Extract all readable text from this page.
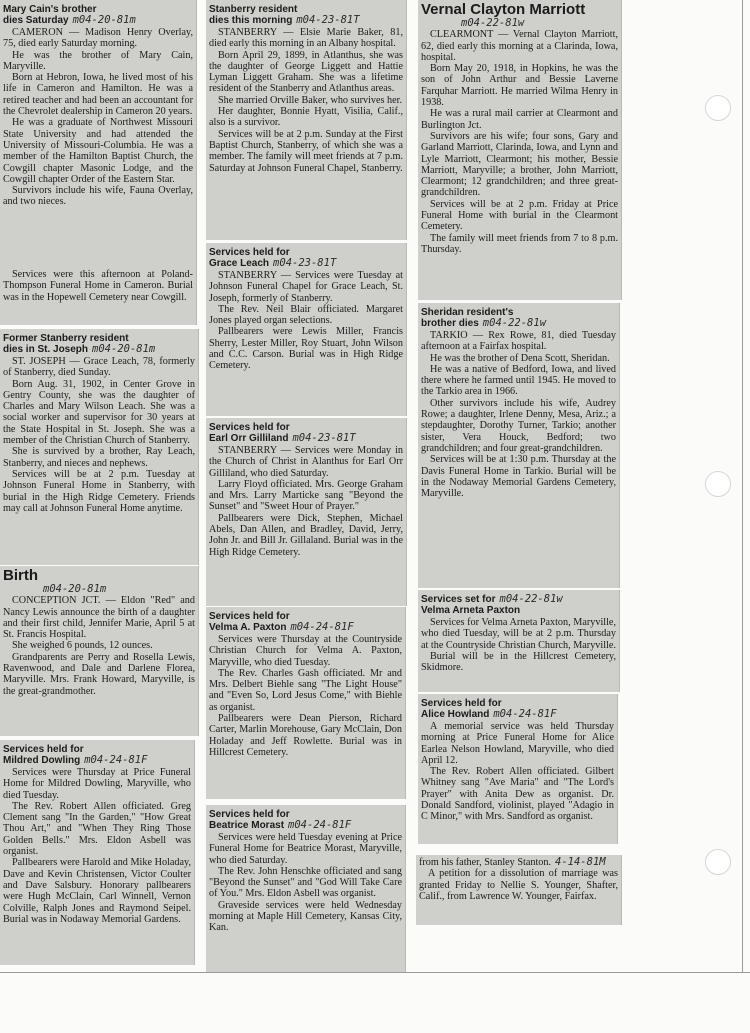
Mary Cain's brother
dies Saturday m04-20-81m

CAMERON — Madison Henry Overlay, 75, died early Saturday morning.

He was the brother of Mary Cain, Maryville.

Born at Hebron, Iowa, he lived most of his life in Cameron and Hamilton. He was a retired teacher and had been an accountant for the Chevrolet dealership in Cameron 20 years.

He was a graduate of Northwest Missouri State University and had attended the University of Missouri-Columbia. He was a member of the Hamilton Baptist Church, the Cowgill chapter Masonic Lodge, and the Cowgill chapter Order of the Eastern Star.

Survivors include his wife, Fauna Overlay, and two nieces.

Services were this afternoon at Poland-Thompson Funeral Home in Cameron. Burial was in the Hopewell Cemetery near Cowgill.

Former Stanberry resident
dies in St. Joseph m04-20-81m

ST. JOSEPH — Grace Leach, 78, formerly of Stanberry, died Sunday.

Born Aug. 31, 1902, in Center Grove in Gentry County, she was the daughter of Charles and Mary Wilson Leach. She was a social worker and supervisor for 30 years at the State Hospital in St. Joseph. She was a member of the Christian Church of Stanberry.

She is survived by a brother, Ray Leach, Stanberry, and nieces and nephews.

Services will be at 2 p.m. Tuesday at Johnson Funeral Home in Stanberry, with burial in the High Ridge Cemetery. Friends may call at Johnson Funeral Home anytime.

Birth
m04-20-81m

CONCEPTION JCT. — Eldon "Red" and Nancy Lewis announce the birth of a daughter and their first child, Jennifer Marie, April 5 at St. Francis Hospital.

She weighed 6 pounds, 12 ounces.

Grandparents are Perry and Rosella Lewis, Ravenwood, and Dale and Darlene Florea, Maryville. Mrs. Frank Howard, Maryville, is the great-grandmother.

Services held for
Mildred Dowling m04-24-81F

Services were Thursday at Price Funeral Home for Mildred Dowling, Maryville, who died Tuesday.

The Rev. Robert Allen officiated. Greg Clement sang "In the Garden," "How Great Thou Art," and "When They Ring Those Golden Bells." Mrs. Eldon Asbell was organist.

Pallbearers were Harold and Mike Holaday, Dave and Kevin Christensen, Victor Coulter and Dave Salsbury. Honorary pallbearers were Hugh McClain, Carl Winnell, Vernon Colville, Ralph Jones and Raymond Seipel. Burial was in Nodaway Memorial Gardens.

Stanberry resident
dies this morning m04-23-81T

STANBERRY — Elsie Marie Baker, 81, died early this morning in an Albany hospital.

Born April 29, 1899, in Atlanthus, she was the daughter of George Liggett and Hattie Lyman Liggett Graham. She was a lifetime resident of the Stanberry and Atlanthus areas.

She married Orville Baker, who survives her.

Her daughter, Bonnie Hyatt, Visilia, Calif., also is a survivor.

Services will be at 2 p.m. Sunday at the First Baptist Church, Stanberry, of which she was a member. The family will meet friends at 7 p.m. Saturday at Johnson Funeral Chapel, Stanberry.

Services held for
Grace Leach m04-23-81T

STANBERRY — Services were Tuesday at Johnson Funeral Chapel for Grace Leach, St. Joseph, formerly of Stanberry.

The Rev. Neil Blair officiated. Margaret Jones played organ selections.

Pallbearers were Lewis Miller, Francis Sherry, Lester Miller, Roy Stuart, John Wilson and C.C. Carson. Burial was in High Ridge Cemetery.

Services held for
Earl Orr Gilliland m04-23-81T

STANBERRY — Services were Monday in the Church of Christ in Alanthus for Earl Orr Gilliland, who died Saturday.

Larry Floyd officiated. Mrs. George Graham and Mrs. Larry Marticke sang "Beyond the Sunset" and "Sweet Hour of Prayer."

Pallbearers were Dick, Stephen, Michael Abels, Dan Allen, and Bradley, David, Jerry, John Jr. and Bill Jr. Gillaland. Burial was in the High Ridge Cemetery.

Services held for
Velma A. Paxton m04-24-81F

Services were Thursday at the Countryside Christian Church for Velma A. Paxton, Maryville, who died Tuesday.

The Rev. Charles Gash officiated. Mr and Mrs. Delbert Biehle sang "The Light House" and "Even So, Lord Jesus Come," with Biehle as organist.

Pallbearers were Dean Pierson, Richard Carter, Marlin Morehouse, Gary McClain, Don Holaday and Jeff Rowlette. Burial was in Hillcrest Cemetery.

Services held for
Beatrice Morast m04-24-81F

Services were held Tuesday evening at Price Funeral Home for Beatrice Morast, Maryville, who died Saturday.

The Rev. John Henschke officiated and sang "Beyond the Sunset" and "God Will Take Care of You." Mrs. Eldon Asbell was organist.

Graveside services were held Wednesday morning at Maple Hill Cemetery, Kansas City, Kan.

Vernal Clayton Marriott
m04-22-81w

CLEARMONT — Vernal Clayton Marriott, 62, died early this morning at a Clarinda, Iowa, hospital.

Born May 20, 1918, in Hopkins, he was the son of John Arthur and Bessie Laverne Farquhar Marriott. He married Wilma Henry in 1938.

He was a rural mail carrier at Clearmont and Burlington Jct.

Survivors are his wife; four sons, Gary and Garland Marriott, Clarinda, Iowa, and Lynn and Lyle Marriott, Clearmont; his mother, Bessie Marriott, Maryville; a brother, John Marriott, Clearmont; 12 grandchildren; and three great-grandchildren.

Services will be at 2 p.m. Friday at Price Funeral Home with burial in the Clearmont Cemetery.

The family will meet friends from 7 to 8 p.m. Thursday.

Sheridan resident's
brother dies m04-22-81w

TARKIO — Rex Rowe, 81, died Tuesday afternoon at a Fairfax hospital.

He was the brother of Dena Scott, Sheridan.

He was a native of Bedford, Iowa, and lived there where he farmed until 1945. He moved to the Tarkio area in 1966.

Other survivors include his wife, Audrey Rowe; a daughter, Irlene Denny, Mesa, Ariz.; a stepdaughter, Dorothy Turner, Tarkio; another sister, Vera Houck, Bedford; two grandchildren; and four great-grandchildren.

Services will be at 1:30 p.m. Thursday at the Davis Funeral Home in Tarkio. Burial will be in the Nodaway Memorial Gardens Cemetery, Maryville.

Services set for m04-22-81w
Velma Arneta Paxton

Services for Velma Arneta Paxton, Maryville, who died Tuesday, will be at 2 p.m. Thursday at the Countryside Christian Church, Maryville.

Burial will be in the Hillcrest Cemetery, Skidmore.

Services held for
Alice Howland m04-24-81F

A memorial service was held Thursday morning at Price Funeral Home for Alice Earlea Nelson Howland, Maryville, who died April 12.

The Rev. Robert Allen officiated. Gilbert Whitney sang "Ave Maria" and "The Lord's Prayer" with Anita Dew as organist. Dr. Donald Sandford, violinist, played "Adagio in C Minor," with Mrs. Sandford as organist.

from his father, Stanley Stanton. 4-14-81M

A petition for a dissolution of marriage was granted Friday to Nellie S. Younger, Shafter, Calif., from Lawrence W. Younger, Fairfax.
